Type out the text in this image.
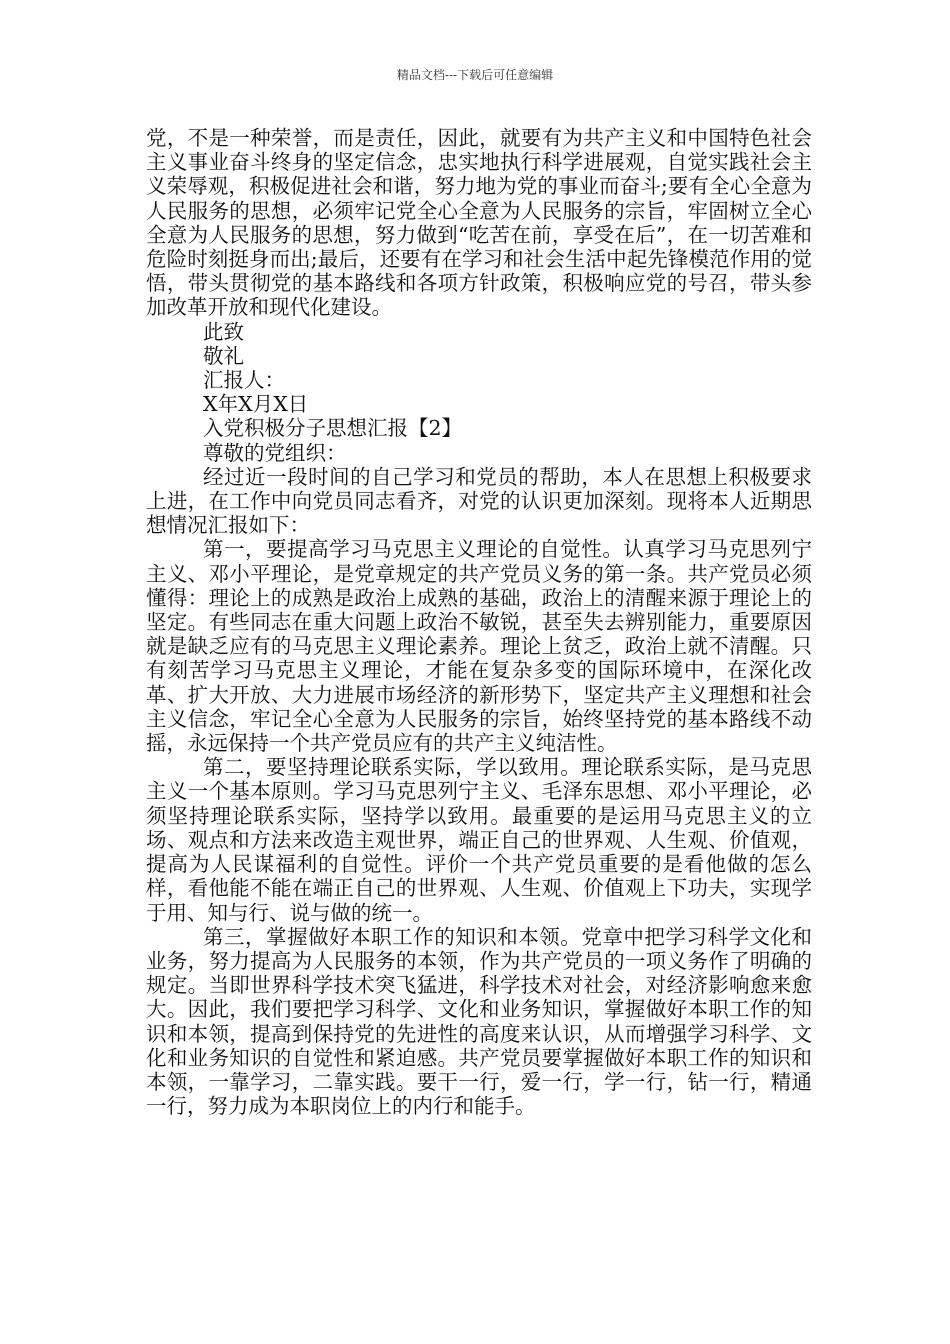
精品文档---下载后可任意编辑

党，不是一种荣誉，而是责任，因此，就要有为共产主义和中国特色社会主义事业奋斗终身的坚定信念，忠实地执行科学进展观，自觉实践社会主义荣辱观，积极促进社会和谐，努力地为党的事业而奋斗;要有全心全意为人民服务的思想，必须牢记党全心全意为人民服务的宗旨，牢固树立全心全意为人民服务的思想，努力做到“吃苦在前，享受在后”，在一切苦难和危险时刻挺身而出;最后，还要有在学习和社会生活中起先锋模范作用的觉悟，带头贯彻党的基本路线和各项方针政策，积极响应党的号召，带头参加改革开放和现代化建设。

此致

敬礼

汇报人：

X年X月X日

入党积极分子思想汇报【2】

尊敬的党组织：

经过近一段时间的自己学习和党员的帮助，本人在思想上积极要求上进，在工作中向党员同志看齐，对党的认识更加深刻。现将本人近期思想情况汇报如下：

第一，要提高学习马克思主义理论的自觉性。认真学习马克思列宁主义、邓小平理论，是党章规定的共产党员义务的第一条。共产党员必须懂得：理论上的成熟是政治上成熟的基础，政治上的清醒来源于理论上的坚定。有些同志在重大问题上政治不敏锐，甚至失去辨别能力，重要原因就是缺乏应有的马克思主义理论素养。理论上贫乏，政治上就不清醒。只有刻苦学习马克思主义理论，才能在复杂多变的国际环境中，在深化改革、扩大开放、大力进展市场经济的新形势下，坚定共产主义理想和社会主义信念，牢记全心全意为人民服务的宗旨，始终坚持党的基本路线不动摇，永远保持一个共产党员应有的共产主义纯洁性。

第二，要坚持理论联系实际，学以致用。理论联系实际，是马克思主义一个基本原则。学习马克思列宁主义、毛泽东思想、邓小平理论，必须坚持理论联系实际，坚持学以致用。最重要的是运用马克思主义的立场、观点和方法来改造主观世界，端正自己的世界观、人生观、价值观，提高为人民谋福利的自觉性。评价一个共产党员重要的是看他做的怎么样，看他能不能在端正自己的世界观、人生观、价值观上下功夫，实现学于用、知与行、说与做的统一。

第三，掌握做好本职工作的知识和本领。党章中把学习科学文化和业务，努力提高为人民服务的本领，作为共产党员的一项义务作了明确的规定。当即世界科学技术突飞猛进，科学技术对社会，对经济影响愈来愈大。因此，我们要把学习科学、文化和业务知识，掌握做好本职工作的知识和本领，提高到保持党的先进性的高度来认识，从而增强学习科学、文化和业务知识的自觉性和紧迫感。共产党员要掌握做好本职工作的知识和本领，一靠学习，二靠实践。要干一行，爱一行，学一行，钻一行，精通一行，努力成为本职岗位上的内行和能手。
